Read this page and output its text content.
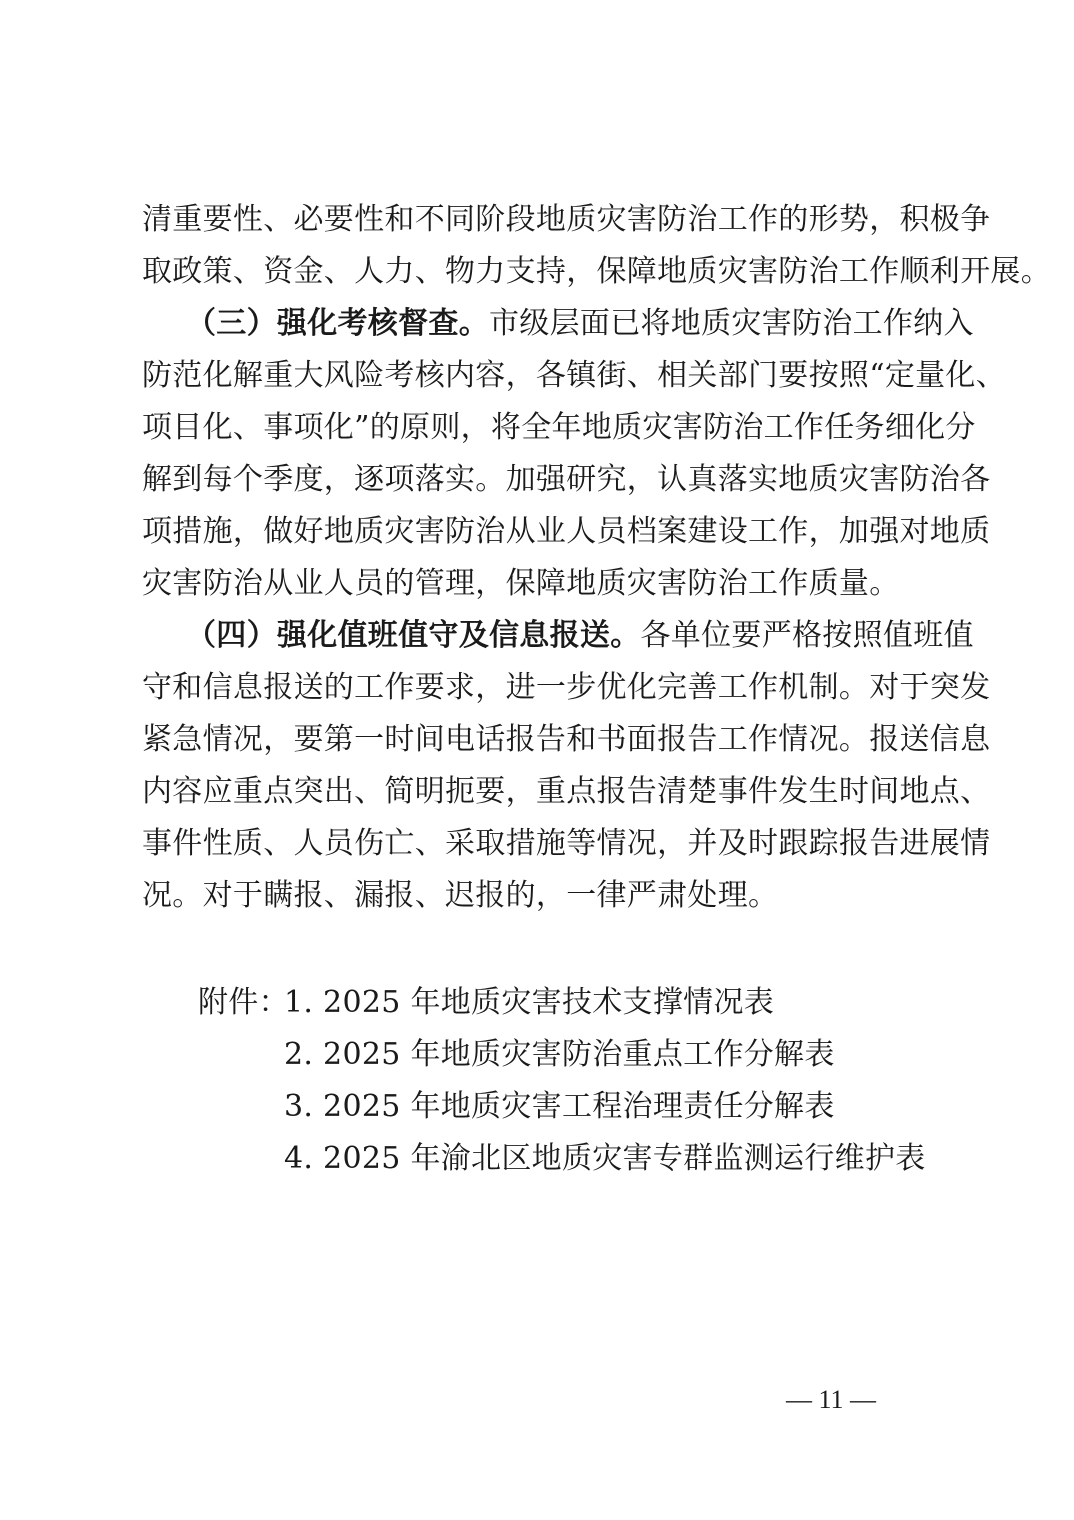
清重要性、必要性和不同阶段地质灾害防治工作的形势，积极争
取政策、资金、人力、物力支持，保障地质灾害防治工作顺利开展。
（三）强化考核督查。市级层面已将地质灾害防治工作纳入
防范化解重大风险考核内容，各镇街、相关部门要按照“定量化、
项目化、事项化”的原则，将全年地质灾害防治工作任务细化分
解到每个季度，逐项落实。加强研究，认真落实地质灾害防治各
项措施，做好地质灾害防治从业人员档案建设工作，加强对地质
灾害防治从业人员的管理，保障地质灾害防治工作质量。
（四）强化值班值守及信息报送。各单位要严格按照值班值
守和信息报送的工作要求，进一步优化完善工作机制。对于突发
紧急情况，要第一时间电话报告和书面报告工作情况。报送信息
内容应重点突出、简明扼要，重点报告清楚事件发生时间地点、
事件性质、人员伤亡、采取措施等情况，并及时跟踪报告进展情
况。对于瞒报、漏报、迟报的，一律严肃处理。
附件：
1. 2025 年地质灾害技术支撑情况表
2. 2025 年地质灾害防治重点工作分解表
3. 2025 年地质灾害工程治理责任分解表
4. 2025 年渝北区地质灾害专群监测运行维护表
— 11 —
